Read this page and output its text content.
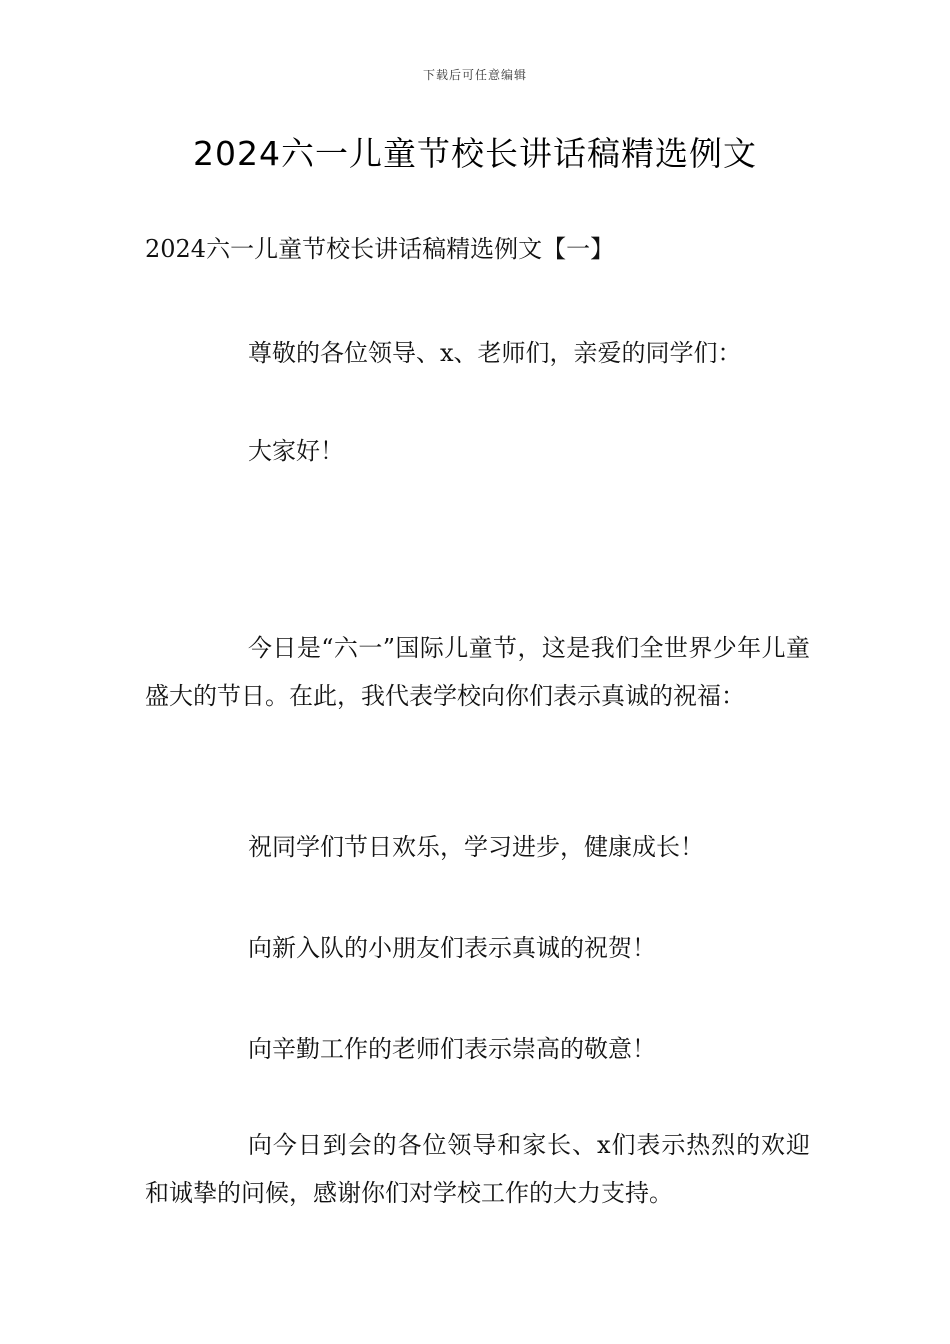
下载后可任意编辑
2024六一儿童节校长讲话稿精选例文
2024六一儿童节校长讲话稿精选例文【一】
尊敬的各位领导、x、老师们，亲爱的同学们：
大家好！

今日是“六一”国际儿童节，这是我们全世界少年儿童盛大的节日。在此，我代表学校向你们表示真诚的祝福：

祝同学们节日欢乐，学习进步，健康成长！
向新入队的小朋友们表示真诚的祝贺！
向辛勤工作的老师们表示崇高的敬意！

向今日到会的各位领导和家长、x们表示热烈的欢迎和诚挚的问候，感谢你们对学校工作的大力支持。
